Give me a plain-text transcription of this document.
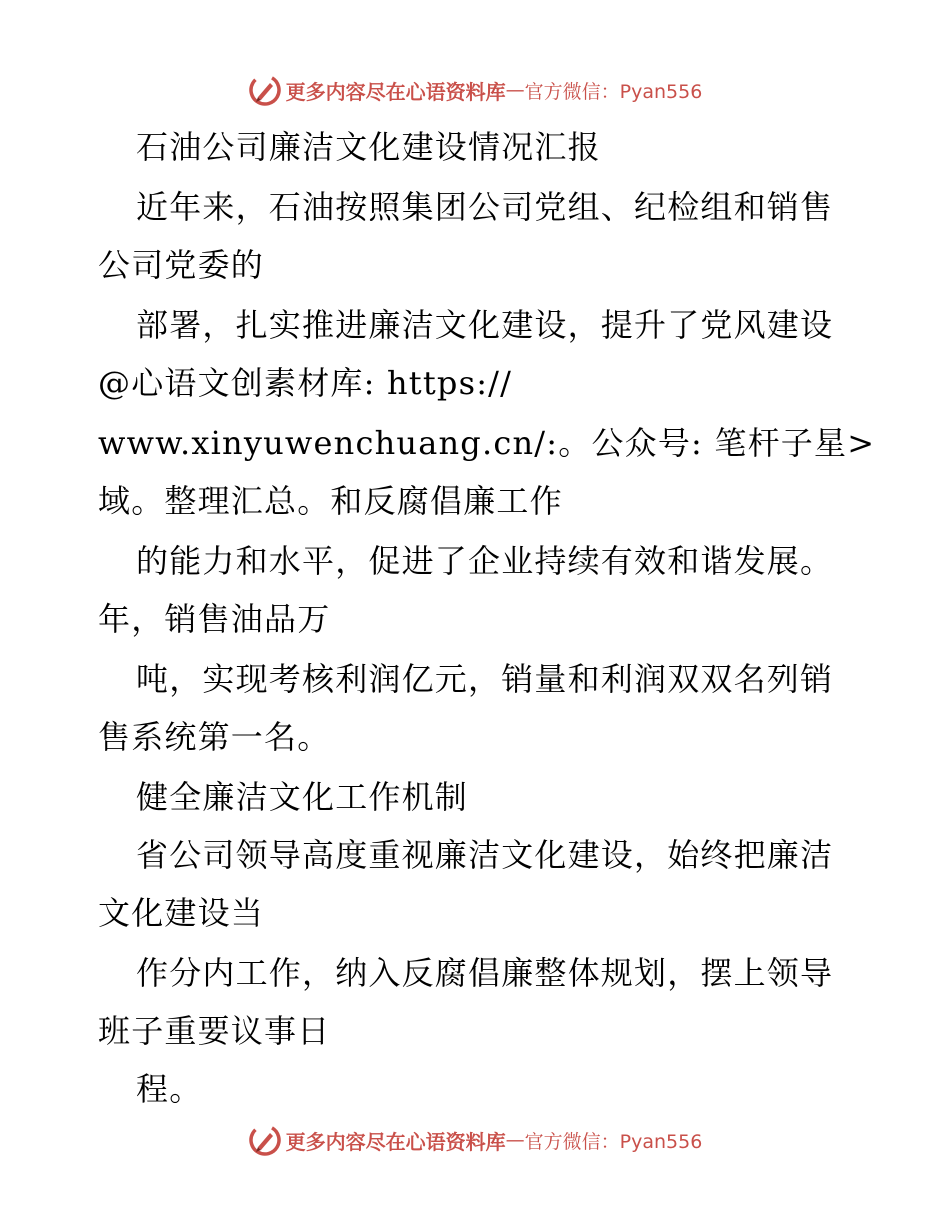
更多内容尽在心语资料库 — 官方微信：Pyan556
石油公司廉洁文化建设情况汇报
近年来，石油按照集团公司党组、纪检组和销售
公司党委的
部署，扎实推进廉洁文化建设，提升了党风建设
@心语文创素材库: https://
www.xinyuwenchuang.cn/:。公众号: 笔杆子星>
域。整理汇总。和反腐倡廉工作
的能力和水平，促进了企业持续有效和谐发展。
年，销售油品万
吨，实现考核利润亿元，销量和利润双双名列销
售系统第一名。
健全廉洁文化工作机制
省公司领导高度重视廉洁文化建设，始终把廉洁
文化建设当
作分内工作，纳入反腐倡廉整体规划，摆上领导
班子重要议事日
程。
更多内容尽在心语资料库 — 官方微信：Pyan556
